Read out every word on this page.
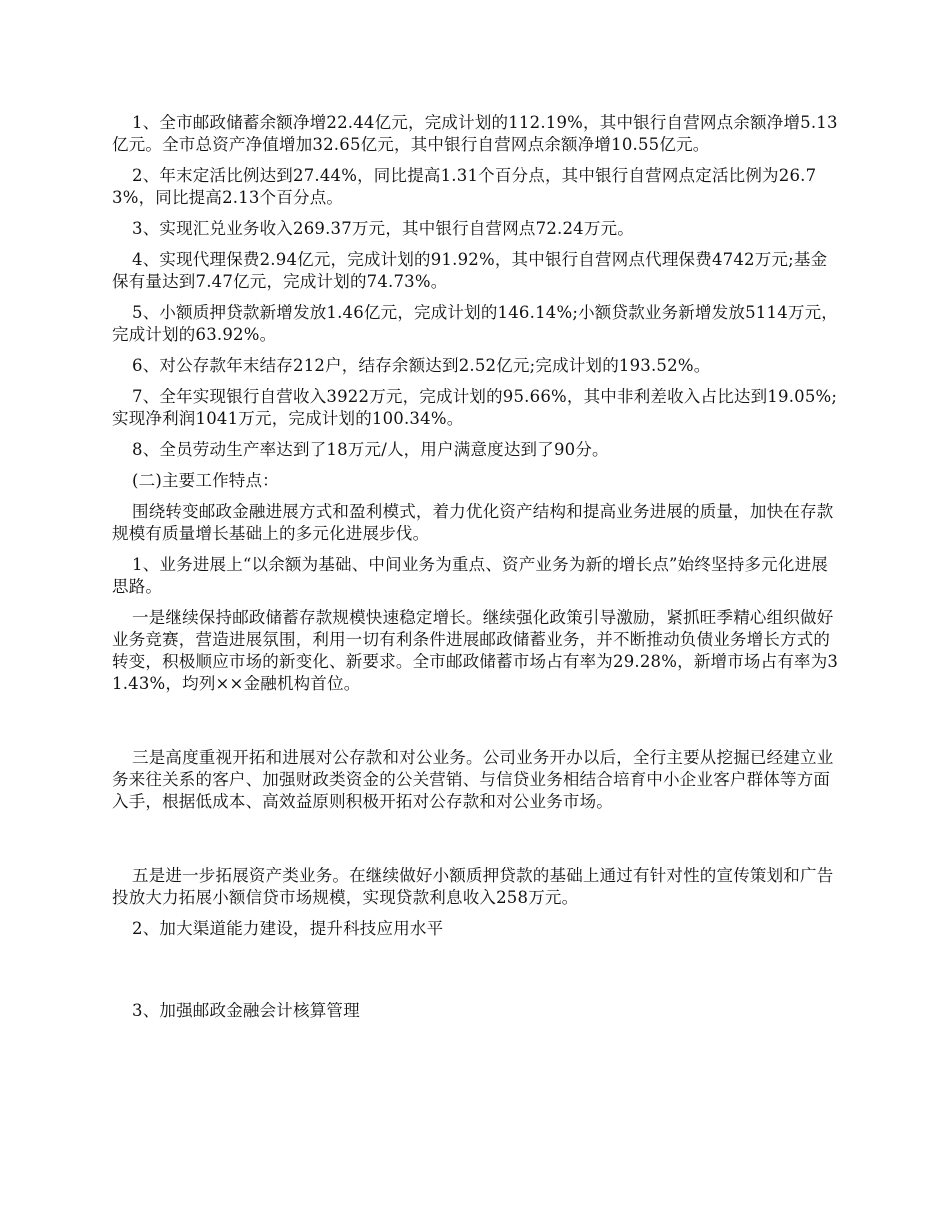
1、全市邮政储蓄余额净增22.44亿元，完成计划的112.19%，其中银行自营网点余额净增5.13亿元。全市总资产净值增加32.65亿元，其中银行自营网点余额净增10.55亿元。

2、年末定活比例达到27.44%，同比提高1.31个百分点，其中银行自营网点定活比例为26.73%，同比提高2.13个百分点。

3、实现汇兑业务收入269.37万元，其中银行自营网点72.24万元。

4、实现代理保费2.94亿元，完成计划的91.92%，其中银行自营网点代理保费4742万元;基金保有量达到7.47亿元，完成计划的74.73%。

5、小额质押贷款新增发放1.46亿元，完成计划的146.14%;小额贷款业务新增发放5114万元，完成计划的63.92%。

6、对公存款年末结存212户，结存余额达到2.52亿元;完成计划的193.52%。

7、全年实现银行自营收入3922万元，完成计划的95.66%，其中非利差收入占比达到19.05%;实现净利润1041万元，完成计划的100.34%。

8、全员劳动生产率达到了18万元/人，用户满意度达到了90分。

(二)主要工作特点：

围绕转变邮政金融进展方式和盈利模式，着力优化资产结构和提高业务进展的质量，加快在存款规模有质量增长基础上的多元化进展步伐。

1、业务进展上“以余额为基础、中间业务为重点、资产业务为新的增长点”始终坚持多元化进展思路。

一是继续保持邮政储蓄存款规模快速稳定增长。继续强化政策引导激励，紧抓旺季精心组织做好业务竞赛，营造进展氛围，利用一切有利条件进展邮政储蓄业务，并不断推动负债业务增长方式的转变，积极顺应市场的新变化、新要求。全市邮政储蓄市场占有率为29.28%，新增市场占有率为31.43%，均列××金融机构首位。

三是高度重视开拓和进展对公存款和对公业务。公司业务开办以后，全行主要从挖掘已经建立业务来往关系的客户、加强财政类资金的公关营销、与信贷业务相结合培育中小企业客户群体等方面入手，根据低成本、高效益原则积极开拓对公存款和对公业务市场。

五是进一步拓展资产类业务。在继续做好小额质押贷款的基础上通过有针对性的宣传策划和广告投放大力拓展小额信贷市场规模，实现贷款利息收入258万元。

2、加大渠道能力建设，提升科技应用水平

3、加强邮政金融会计核算管理
